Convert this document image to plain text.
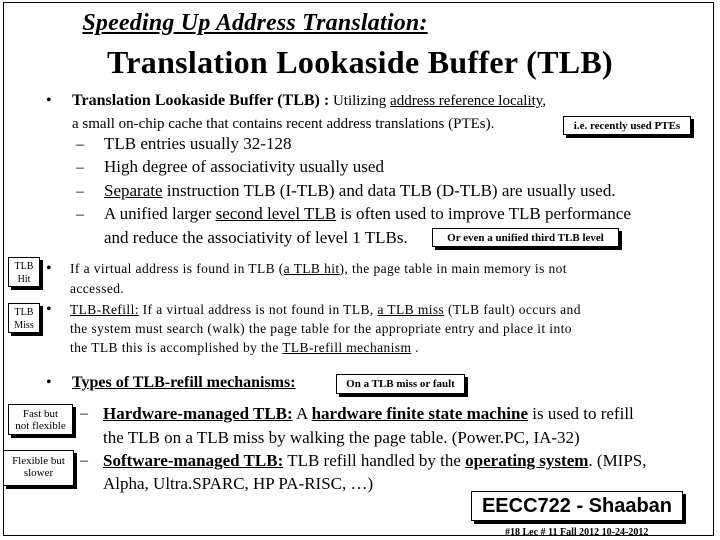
Speeding Up Address Translation:
Translation Lookaside Buffer (TLB)
• Translation Lookaside Buffer (TLB) : Utilizing address reference locality,
a small on-chip cache that contains recent address translations (PTEs).	i.e. recently used PTEs
– TLB entries usually 32-128
– High degree of associativity usually used
– Separate instruction TLB (I-TLB) and data TLB (D-TLB) are usually used.
– A unified larger second level TLB is often used to improve TLB performance
and reduce the associativity of level 1 TLBs.	Or even a unified third TLB level
TLB
Hit
• If a virtual address is found in TLB (a TLB hit), the page table in main memory is not
accessed.
TLB
Miss
• TLB-Refill: If a virtual address is not found in TLB, a TLB miss (TLB fault) occurs and
the system must search (walk) the page table for the appropriate entry and place it into
the TLB this is accomplished by the TLB-refill mechanism .
• Types of TLB-refill mechanisms:	On a TLB miss or fault
Fast but
not flexible
– Hardware-managed TLB: A hardware finite state machine is used to refill
the TLB on a TLB miss by walking the page table. (Power.PC, IA-32)
Flexible but
slower
– Software-managed TLB: TLB refill handled by the operating system. (MIPS,
Alpha, Ultra.SPARC, HP PA-RISC, …)
EECC722 - Shaaban
#18 Lec # 11 Fall 2012 10-24-2012
